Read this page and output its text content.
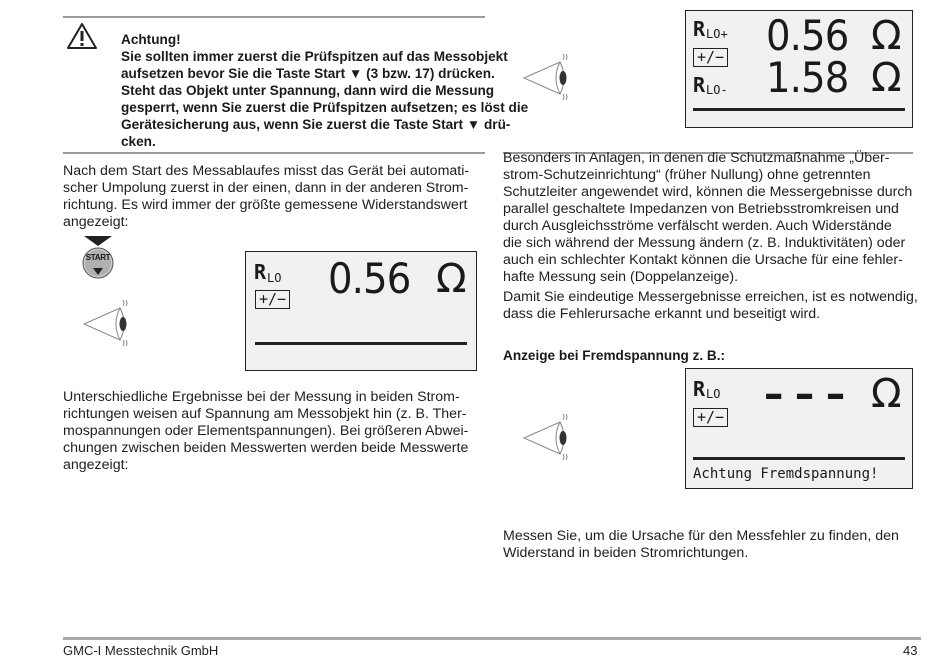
Achtung!
Sie sollten immer zuerst die Prüfspitzen auf das Messobjekt
aufsetzen bevor Sie die Taste Start ▼ (3 bzw. 17) drücken.
Steht das Objekt unter Spannung, dann wird die Messung
gesperrt, wenn Sie zuerst die Prüfspitzen aufsetzen; es löst die
Gerätesicherung aus, wenn Sie zuerst die Taste Start ▼ drü-
cken.

Nach dem Start des Messablaufes misst das Gerät bei automati-
scher Umpolung zuerst in der einen, dann in der anderen Strom-
richtung. Es wird immer der größte gemessene Widerstandswert
angezeigt:

START
R LO 0.56 Ω
+/−

Unterschiedliche Ergebnisse bei der Messung in beiden Strom-
richtungen weisen auf Spannung am Messobjekt hin (z. B. Ther-
mospannungen oder Elementspannungen). Bei größeren Abwei-
chungen zwischen beiden Messwerten werden beide Messwerte
angezeigt:

R LO+ 0.56 Ω
+/−
R LO- 1.58 Ω

Besonders in Anlagen, in denen die Schutzmaßnahme „Über-
strom-Schutzeinrichtung“ (früher Nullung) ohne getrennten
Schutzleiter angewendet wird, können die Messergebnisse durch
parallel geschaltete Impedanzen von Betriebsstromkreisen und
durch Ausgleichsströme verfälscht werden. Auch Widerstände
die sich während der Messung ändern (z. B. Induktivitäten) oder
auch ein schlechter Kontakt können die Ursache für eine fehler-
hafte Messung sein (Doppelanzeige).

Damit Sie eindeutige Messergebnisse erreichen, ist es notwendig,
dass die Fehlerursache erkannt und beseitigt wird.

Anzeige bei Fremdspannung z. B.:
R LO – – – Ω
+/−
Achtung Fremdspannung!

Messen Sie, um die Ursache für den Messfehler zu finden, den
Widerstand in beiden Stromrichtungen.

GMC-I Messtechnik GmbH	43
